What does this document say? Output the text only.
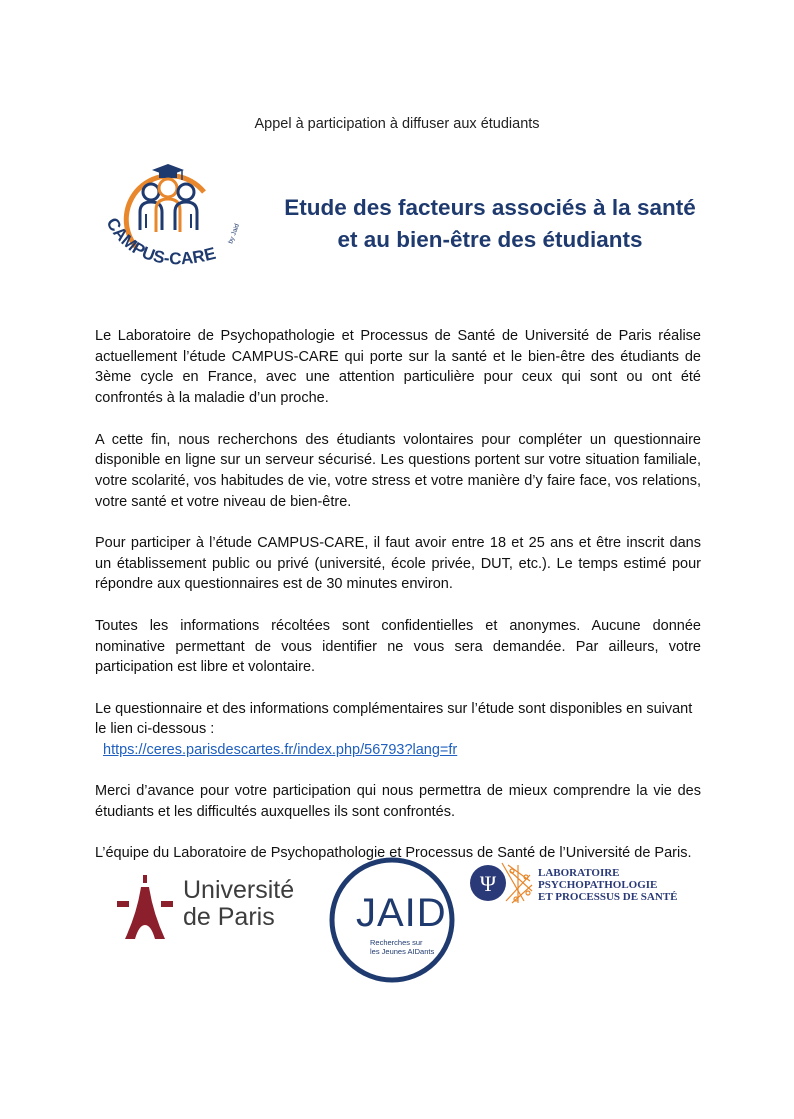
Appel à participation à diffuser aux étudiants
CAMPUS-CARE
by Jaid
Etude des facteurs associés à la santé
et au bien-être des étudiants

Le Laboratoire de Psychopathologie et Processus de Santé de Université de Paris réalise actuellement l’étude CAMPUS-CARE qui porte sur la santé et le bien-être des étudiants de 3ème cycle en France, avec une attention particulière pour ceux qui sont ou ont été confrontés à la maladie d’un proche.

A cette fin, nous recherchons des étudiants volontaires pour compléter un questionnaire disponible en ligne sur un serveur sécurisé. Les questions portent sur votre situation familiale, votre scolarité, vos habitudes de vie, votre stress et votre manière d’y faire face, vos relations, votre santé et votre niveau de bien-être.

Pour participer à l’étude CAMPUS-CARE, il faut avoir entre 18 et 25 ans et être inscrit dans un établissement public ou privé (université, école privée, DUT, etc.). Le temps estimé pour répondre aux questionnaires est de 30 minutes environ.

Toutes les informations récoltées sont confidentielles et anonymes. Aucune donnée nominative permettant de vous identifier ne vous sera demandée. Par ailleurs, votre participation est libre et volontaire.

Le questionnaire et des informations complémentaires sur l’étude sont disponibles en suivant le lien ci-dessous :

https://ceres.parisdescartes.fr/index.php/56793?lang=fr

Merci d’avance pour votre participation qui nous permettra de mieux comprendre la vie des étudiants et les difficultés auxquelles ils sont confrontés.

L’équipe du Laboratoire de Psychopathologie et Processus de Santé de l’Université de Paris.

Université
de Paris	JAID
Recherches sur
les Jeunes AIDants
Ψ	LABORATOIRE
PSYCHOPATHOLOGIE
ET PROCESSUS DE SANTÉ
